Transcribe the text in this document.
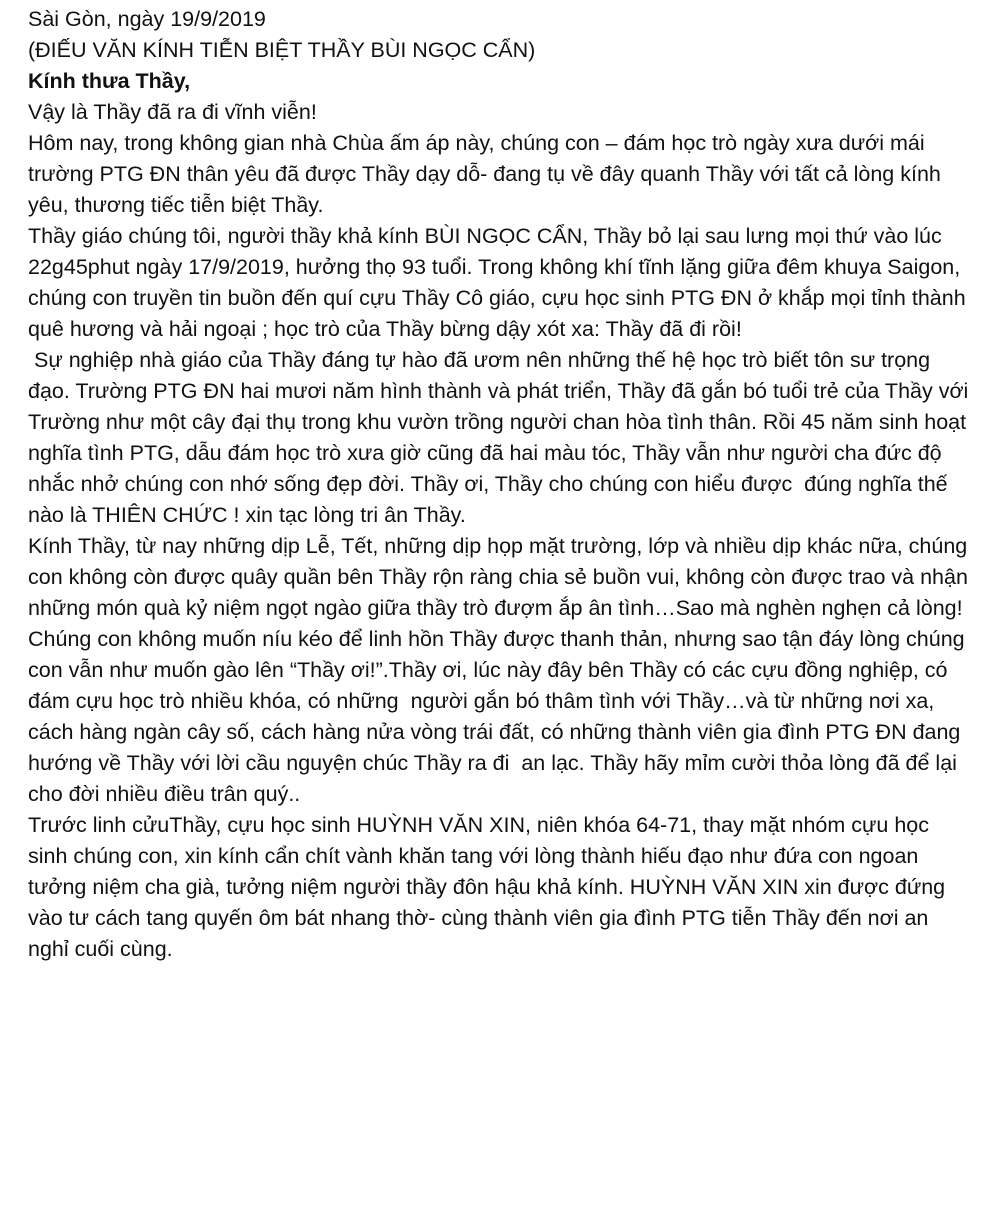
Sài Gòn, ngày 19/9/2019

(ĐIẾU VĂN KÍNH TIỄN BIỆT THẦY BÙI NGỌC CẨN)

Kính thưa Thầy,

Vậy là Thầy đã ra đi vĩnh viễn!

Hôm nay, trong không gian nhà Chùa ấm áp này, chúng con – đám học trò ngày xưa dưới mái trường PTG ĐN thân yêu đã được Thầy dạy dỗ- đang tụ về đây quanh Thầy với tất cả lòng kính yêu, thương tiếc tiễn biệt Thầy.

Thầy giáo chúng tôi, người thầy khả kính BÙI NGỌC CẨN, Thầy bỏ lại sau lưng mọi thứ vào lúc 22g45phut ngày 17/9/2019, hưởng thọ 93 tuổi. Trong không khí tĩnh lặng giữa đêm khuya Saigon, chúng con truyền tin buồn đến quí cựu Thầy Cô giáo, cựu học sinh PTG ĐN ở khắp mọi tỉnh thành quê hương và hải ngoại ; học trò của Thầy bừng dậy xót xa: Thầy đã đi rồi!

Sự nghiệp nhà giáo của Thầy đáng tự hào đã ươm nên những thế hệ học trò biết tôn sư trọng đạo. Trường PTG ĐN hai mươi năm hình thành và phát triển, Thầy đã gắn bó tuổi trẻ của Thầy với Trường như một cây đại thụ trong khu vườn trồng người chan hòa tình thân. Rồi 45 năm sinh hoạt nghĩa tình PTG, dẫu đám học trò xưa giờ cũng đã hai màu tóc, Thầy vẫn như người cha đức độ nhắc nhở chúng con nhớ sống đẹp đời. Thầy ơi, Thầy cho chúng con hiểu được  đúng nghĩa thế nào là THIÊN CHỨC ! xin tạc lòng tri ân Thầy.

Kính Thầy, từ nay những dịp Lễ, Tết, những dịp họp mặt trường, lớp và nhiều dịp khác nữa, chúng con không còn được quây quần bên Thầy rộn ràng chia sẻ buồn vui, không còn được trao và nhận những món quà kỷ niệm ngọt ngào giữa thầy trò đượm ắp ân tình…Sao mà nghèn nghẹn cả lòng! Chúng con không muốn níu kéo để linh hồn Thầy được thanh thản, nhưng sao tận đáy lòng chúng con vẫn như muốn gào lên “Thầy ơi!”.Thầy ơi, lúc này đây bên Thầy có các cựu đồng nghiệp, có đám cựu học trò nhiều khóa, có những  người gắn bó thâm tình với Thầy…và từ những nơi xa, cách hàng ngàn cây số, cách hàng nửa vòng trái đất, có những thành viên gia đình PTG ĐN đang hướng về Thầy với lời cầu nguyện chúc Thầy ra đi  an lạc. Thầy hãy mỉm cười thỏa lòng đã để lại cho đời nhiều điều trân quý..

Trước linh cửuThầy, cựu học sinh HUỲNH VĂN XIN, niên khóa 64-71, thay mặt nhóm cựu học sinh chúng con, xin kính cẩn chít vành khăn tang với lòng thành hiếu đạo như đứa con ngoan tưởng niệm cha già, tưởng niệm người thầy đôn hậu khả kính. HUỲNH VĂN XIN xin được đứng vào tư cách tang quyến ôm bát nhang thờ- cùng thành viên gia đình PTG tiễn Thầy đến nơi an nghỉ cuối cùng.
